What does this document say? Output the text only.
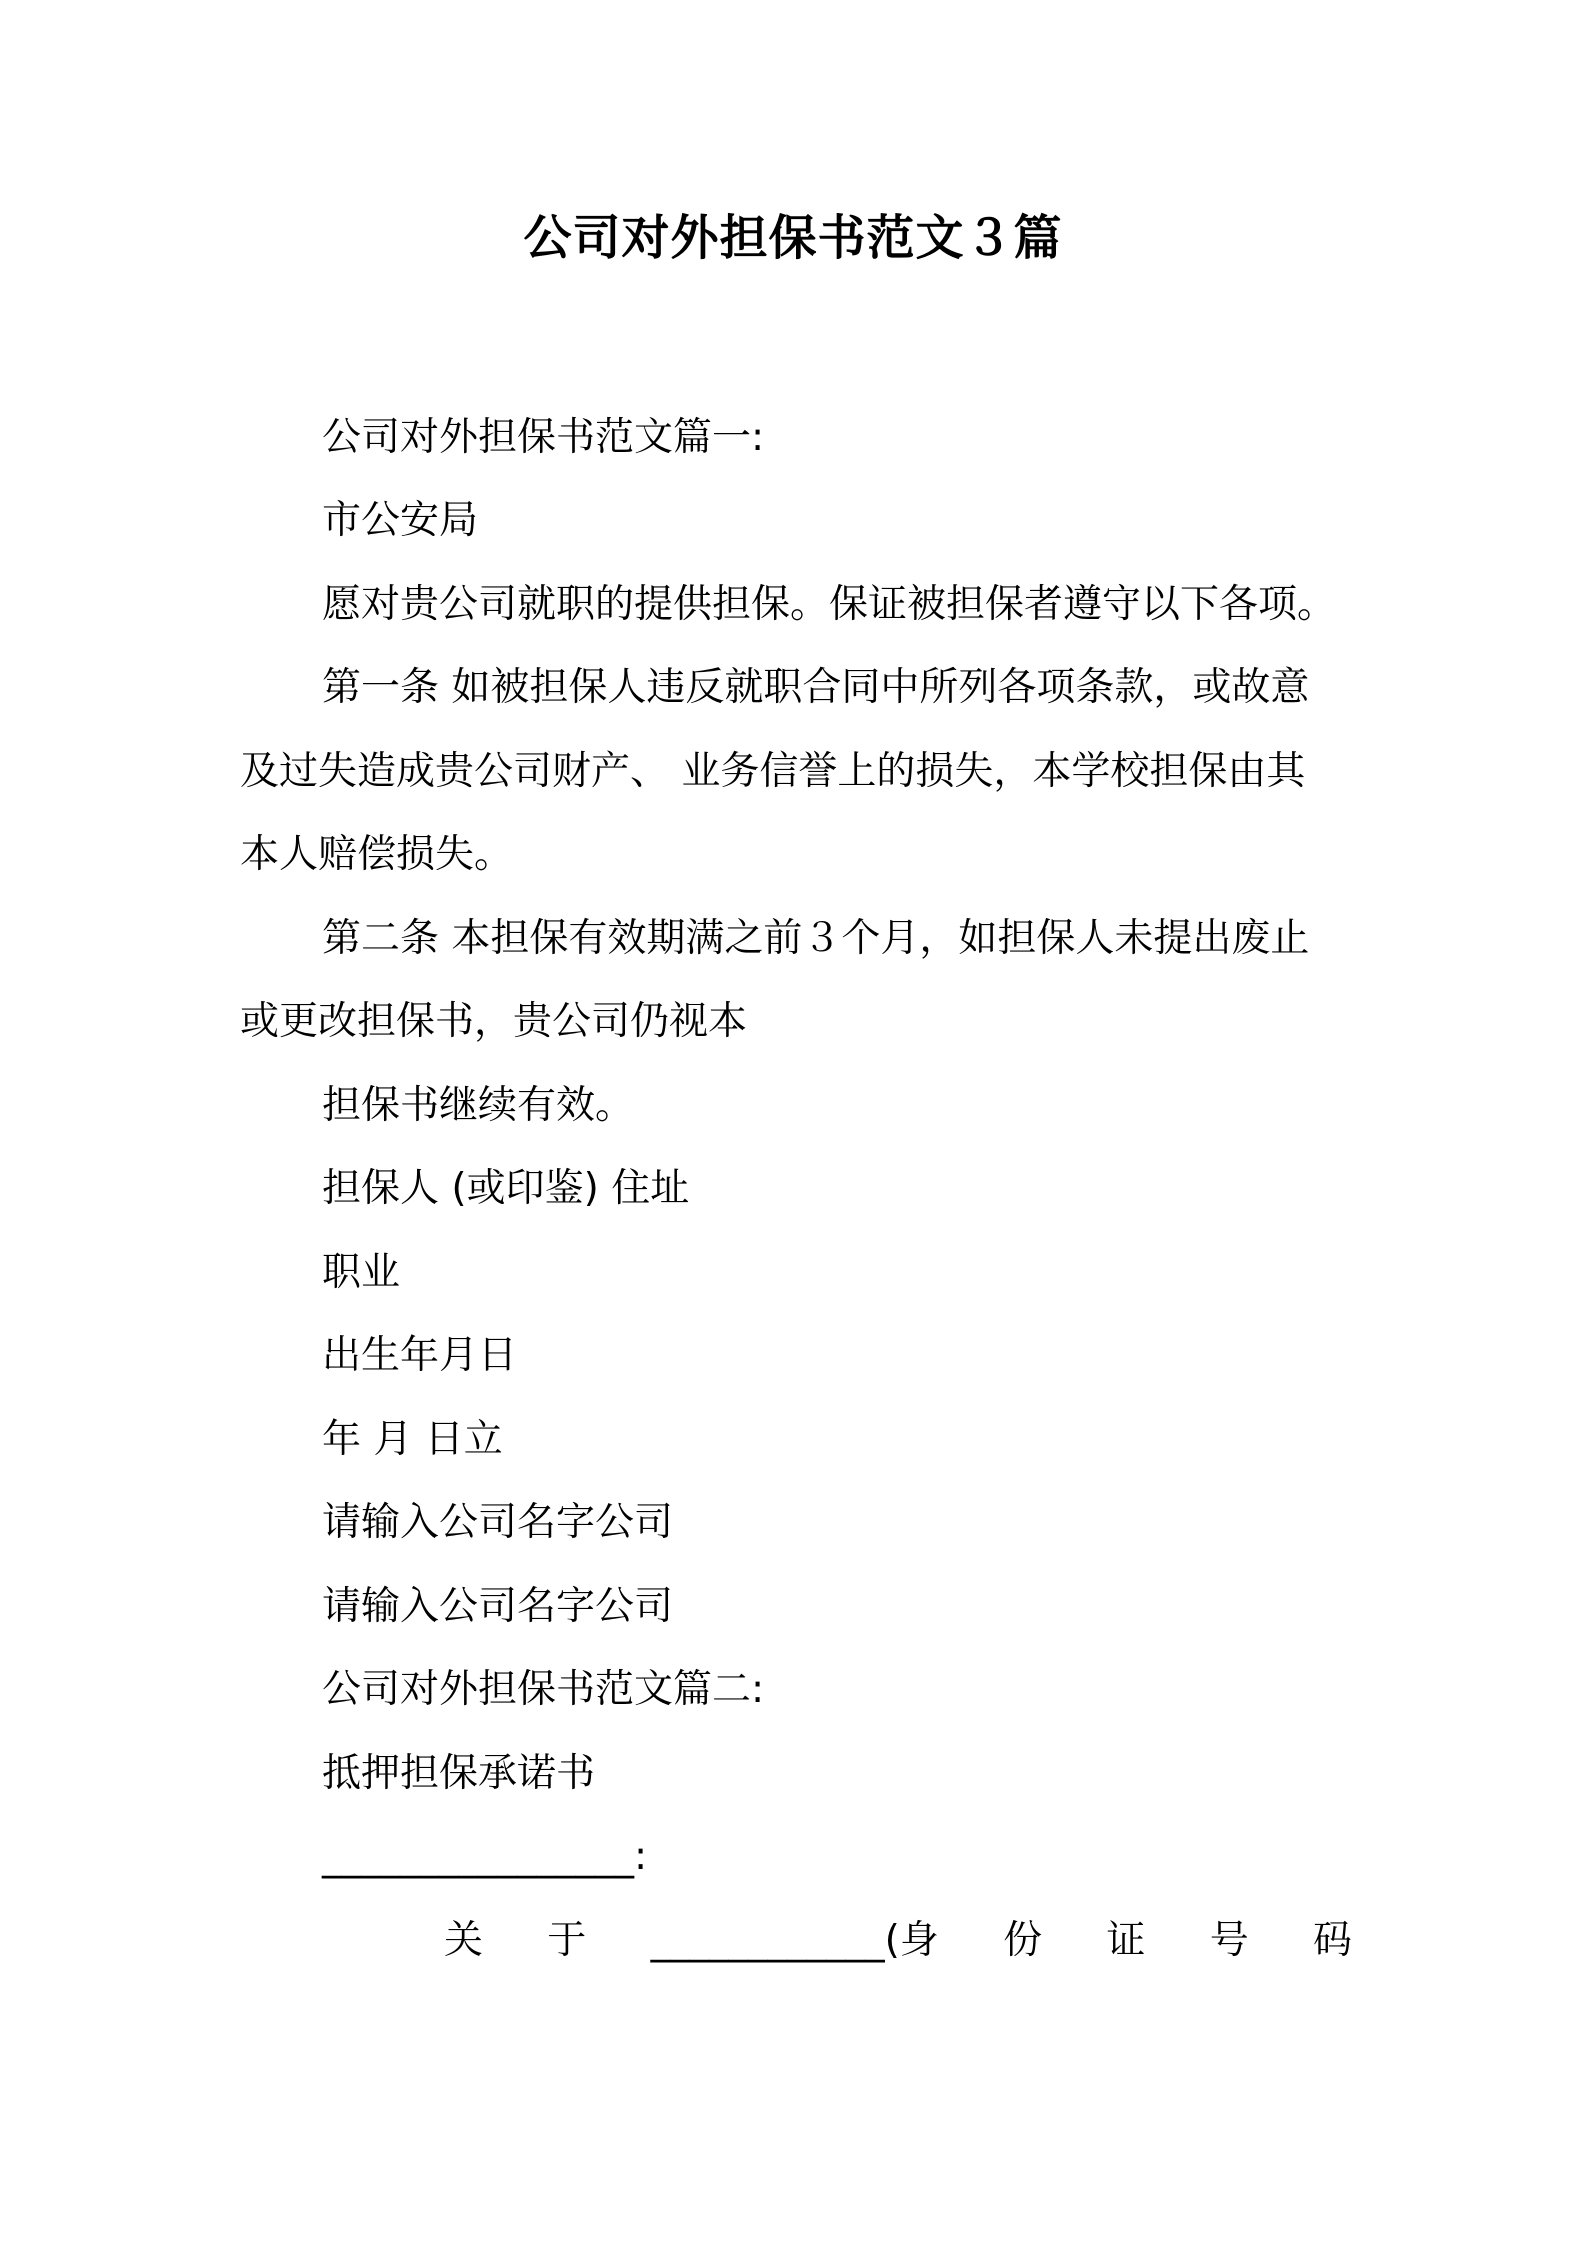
公司对外担保书范文３篇
公司对外担保书范文篇一:
市公安局
愿对贵公司就职的提供担保。保证被担保者遵守以下各项。
第一条 如被担保人违反就职合同中所列各项条款，或故意
及过失造成贵公司财产、 业务信誉上的损失，本学校担保由其
本人赔偿损失。
第二条 本担保有效期满之前３个月，如担保人未提出废止
或更改担保书，贵公司仍视本
担保书继续有效。
担保人 (或印鉴) 住址
职业
出生年月日
年 月 日立
请输入公司名字公司
请输入公司名字公司
公司对外担保书范文篇二:
抵押担保承诺书
________________:
关 于 ____________(身 份 证 号 码
